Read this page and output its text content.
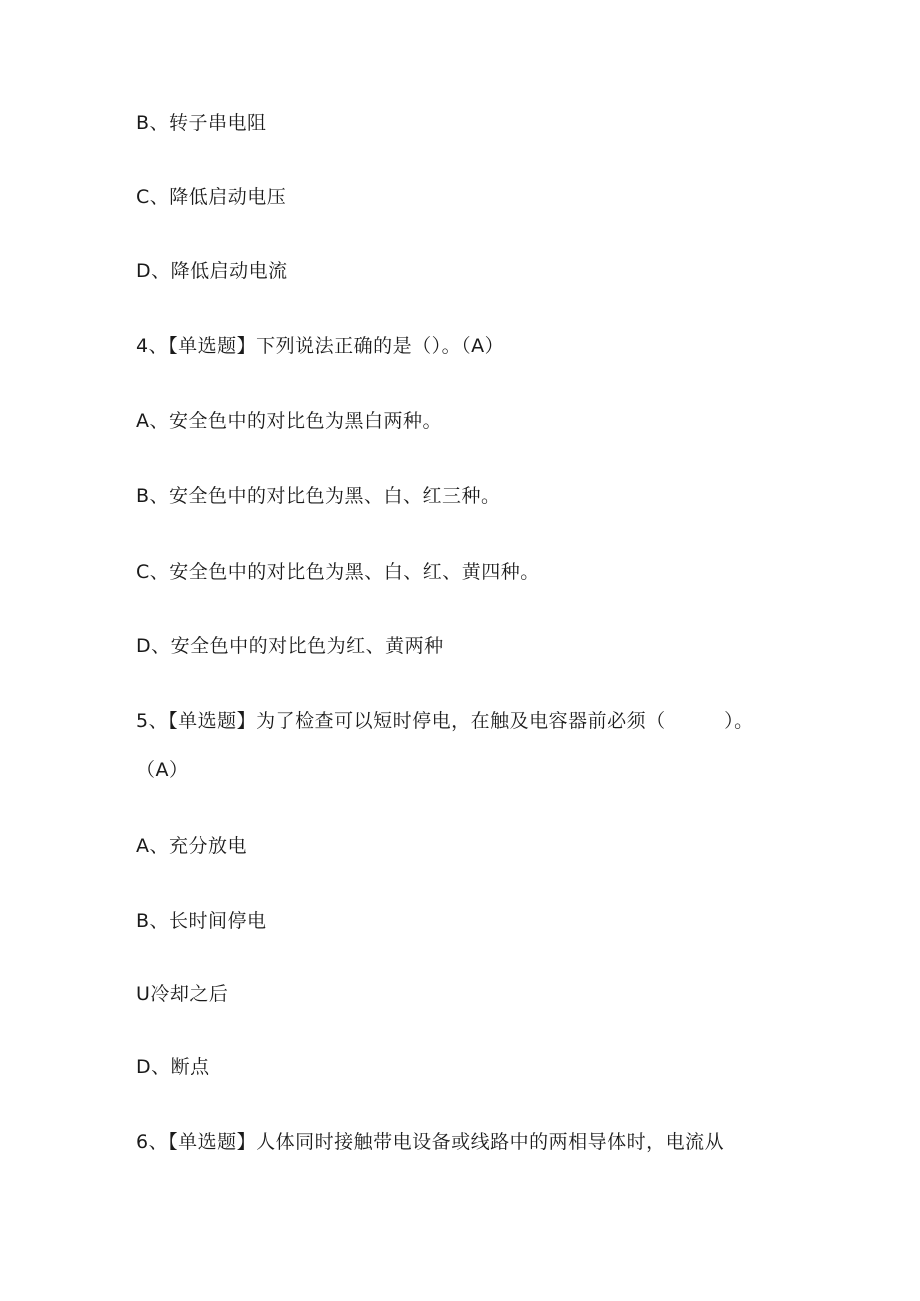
B、转子串电阻
C、降低启动电压
D、降低启动电流
4、【单选题】下列说法正确的是（）。（A）
A、安全色中的对比色为黑白两种。
B、安全色中的对比色为黑、白、红三种。
C、安全色中的对比色为黑、白、红、黄四种。
D、安全色中的对比色为红、黄两种
5、【单选题】为了检查可以短时停电，在触及电容器前必须（　　　）。
（A）
A、充分放电
B、长时间停电
U冷却之后
D、断点
6、【单选题】人体同时接触带电设备或线路中的两相导体时，电流从
